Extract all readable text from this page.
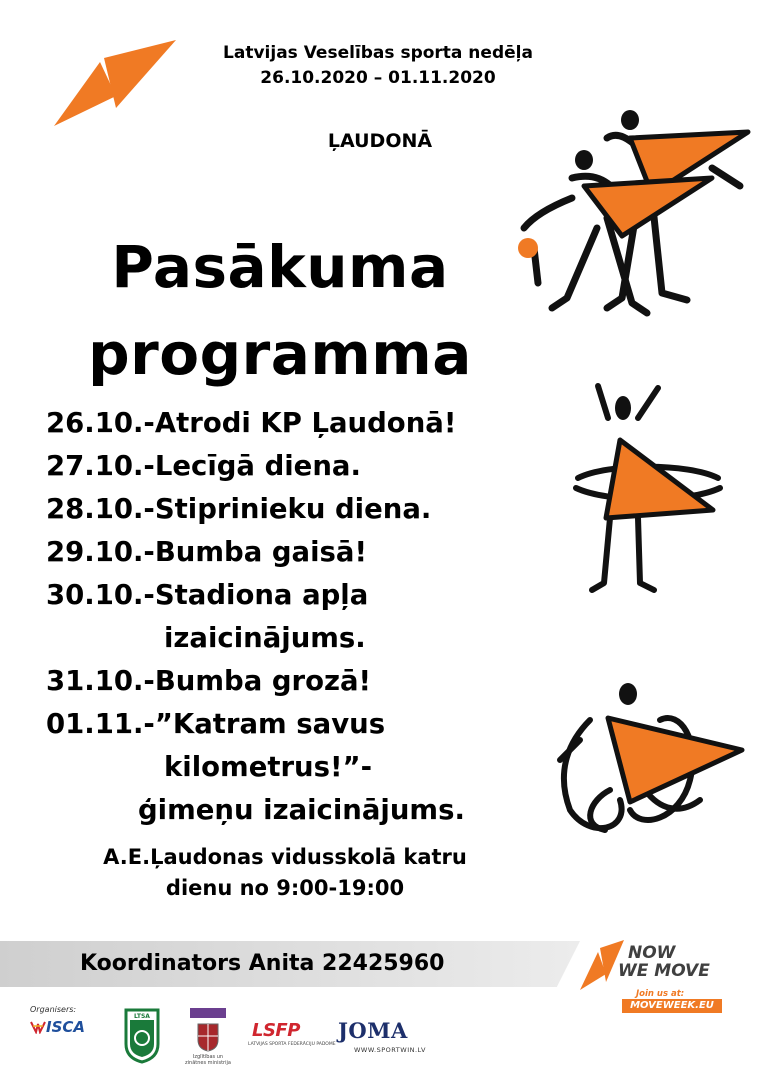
Latvijas Veselības sporta nedēļa
26.10.2020 – 01.11.2020
ĻAUDONĀ
Pasākuma
programma
26.10.-Atrodi KP Ļaudonā!
27.10.-Lecīgā diena.
28.10.-Stiprinieku diena.
29.10.-Bumba gaisā!
30.10.-Stadiona apļa
izaicinājums.
31.10.-Bumba grozā!
01.11.-”Katram savus
kilometrus!”-
ģimeņu izaicinājums.
A.E.Ļaudonas vidusskolā katru
dienu no 9:00-19:00
Koordinators Anita 22425960	NOW
WE MOVE
Join us at:
MOVEWEEK.EU
Organisers:
ISCA
LTSA
Izglītības un zinātnes ministrija
LSFP
LATVIJAS SPORTA FEDERĀCIJU PADOME
JOMA
WWW.SPORTWIN.LV
